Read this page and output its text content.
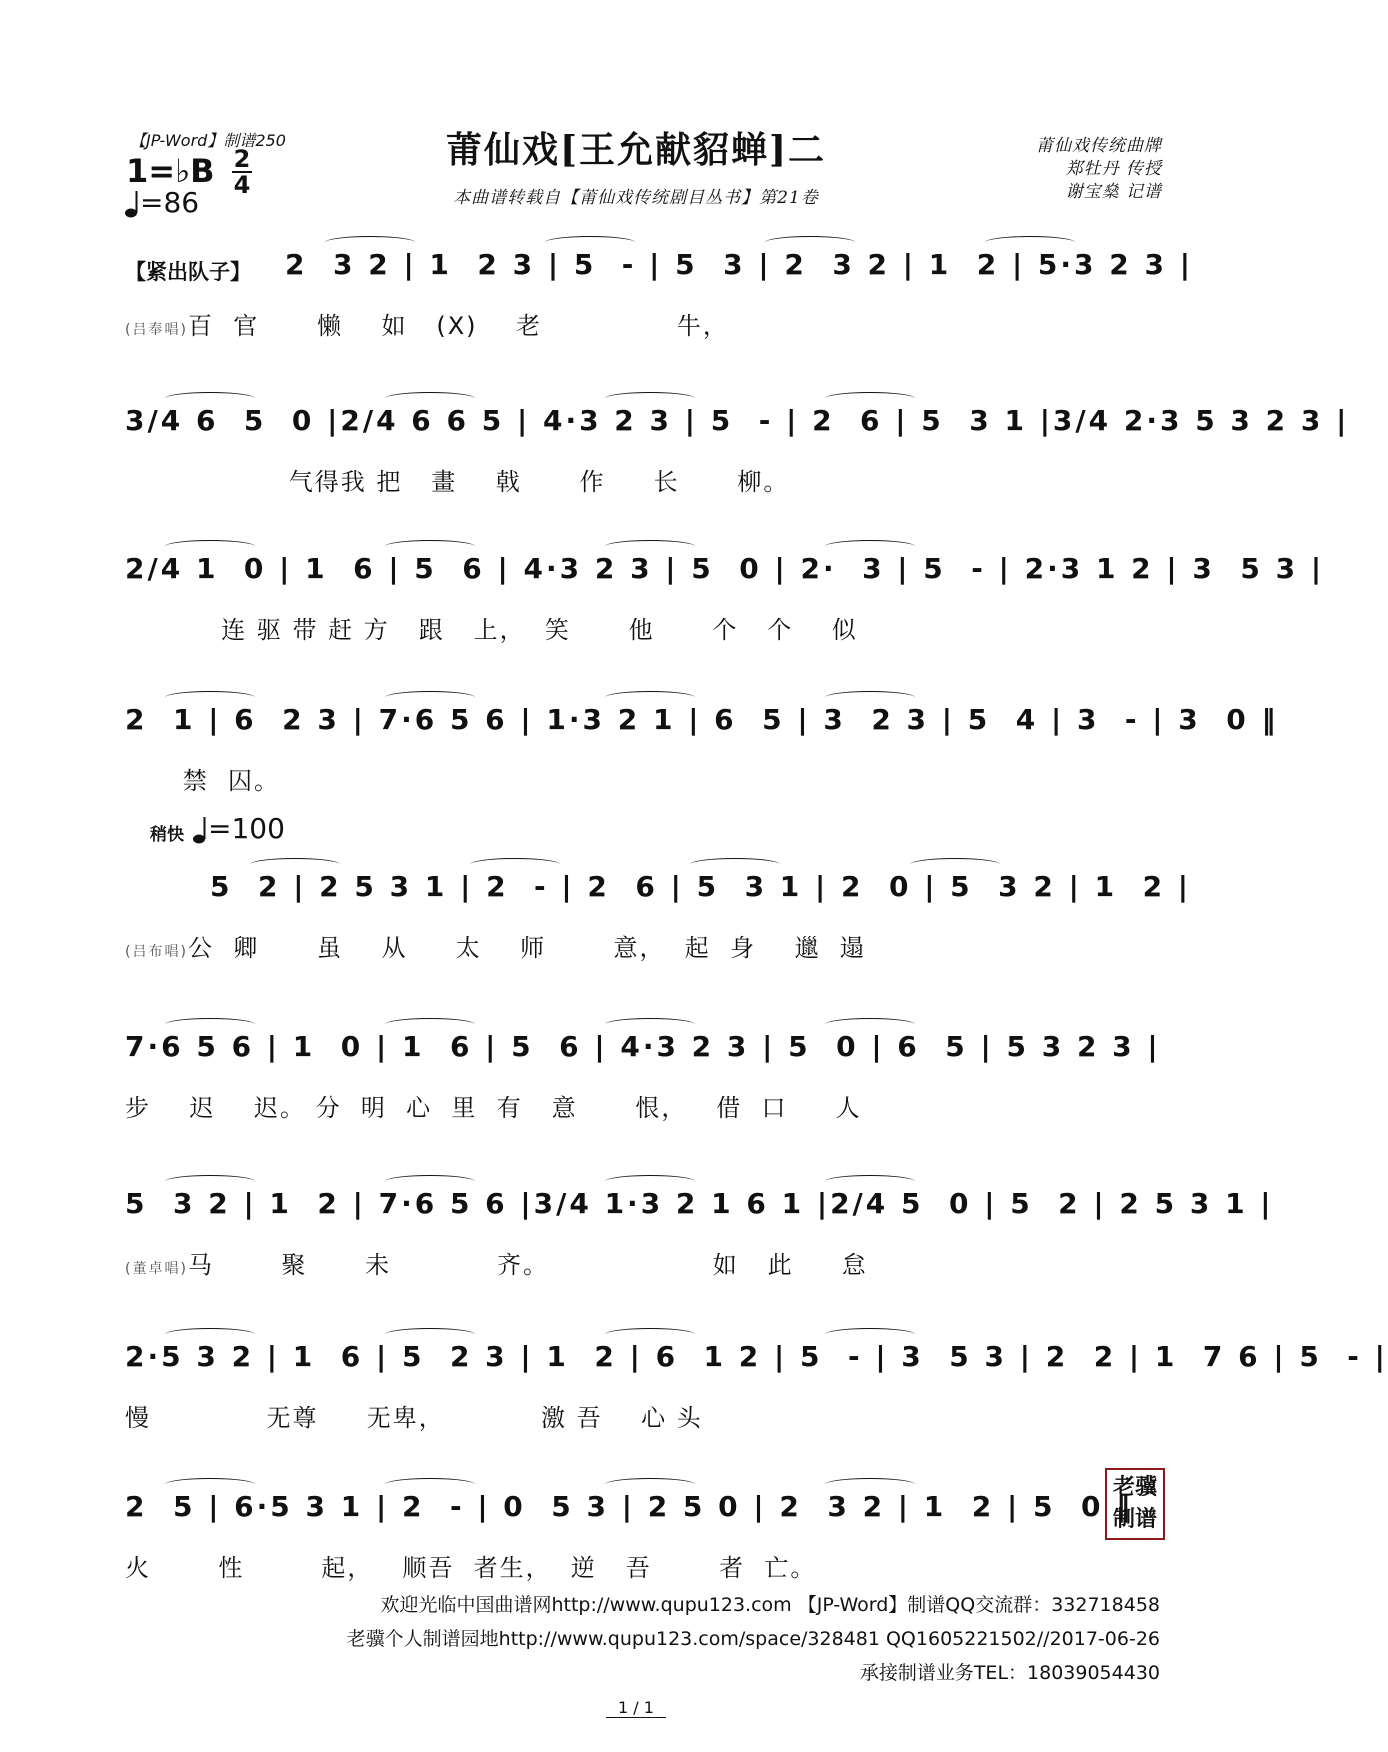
【JP-Word】制谱250	莆仙戏[王允献貂蝉]二
本曲谱转载自【莆仙戏传统剧目丛书】第21卷
莆仙戏传统曲牌
郑牡丹 传授
谢宝燊 记谱
1=♭B 2
4
=86
【紧出队子】 2  3 2 | 1  2 3 | 5  - | 5  3 | 2  3 2 | 1  2 | 5·3 2 3 |
(吕奉唱)百  官      懒    如   (X)    老              牛，
3/4 6  5  0 |2/4 6 6 5 | 4·3 2 3 | 5  - | 2  6 | 5  3 1 |3/4 2·3 5 3 2 3 |
气得我 把   畫    戟      作     长      柳。
2/4 1  0 | 1  6 | 5  6 | 4·3 2 3 | 5  0 | 2·  3 | 5  - | 2·3 1 2 | 3  5 3 |
连 驱 带 赶 方   跟   上，  笑      他      个   个    似
2  1 | 6  2 3 | 7·6 5 6 | 1·3 2 1 | 6  5 | 3  2 3 | 5  4 | 3  - | 3  0 ‖
禁  囚。
稍快 =100
5  2 | 2 5 3 1 | 2  - | 2  6 | 5  3 1 | 2  0 | 5  3 2 | 1  2 |
(吕布唱)公  卿      虽    从     太    师       意，  起  身    邋  遢
7·6 5 6 | 1  0 | 1  6 | 5  6 | 4·3 2 3 | 5  0 | 6  5 | 5 3 2 3 |
步    迟    迟。 分  明  心  里  有   意      恨，   借  口     人
5  3 2 | 1  2 | 7·6 5 6 |3/4 1·3 2 1 6 1 |2/4 5  0 | 5  2 | 2 5 3 1 |
(董卓唱)马       聚      未           齐。                 如   此     怠
2·5 3 2 | 1  6 | 5  2 3 | 1  2 | 6  1 2 | 5  - | 3  5 3 | 2  2 | 1  7 6 | 5  - |
慢            无尊     无卑，          激 吾    心 头
2  5 | 6·5 3 1 | 2  - | 0  5 3 | 2 5 0 | 2  3 2 | 1  2 | 5  0 ‖
火       性        起，   顺吾  者生，  逆   吾       者  亡。
老骥制谱
欢迎光临中国曲谱网http://www.qupu123.com 【JP-Word】制谱QQ交流群：332718458
老骥个人制谱园地http://www.qupu123.com/space/328481 QQ1605221502//2017-06-26
承接制谱业务TEL：18039054430
1 / 1
